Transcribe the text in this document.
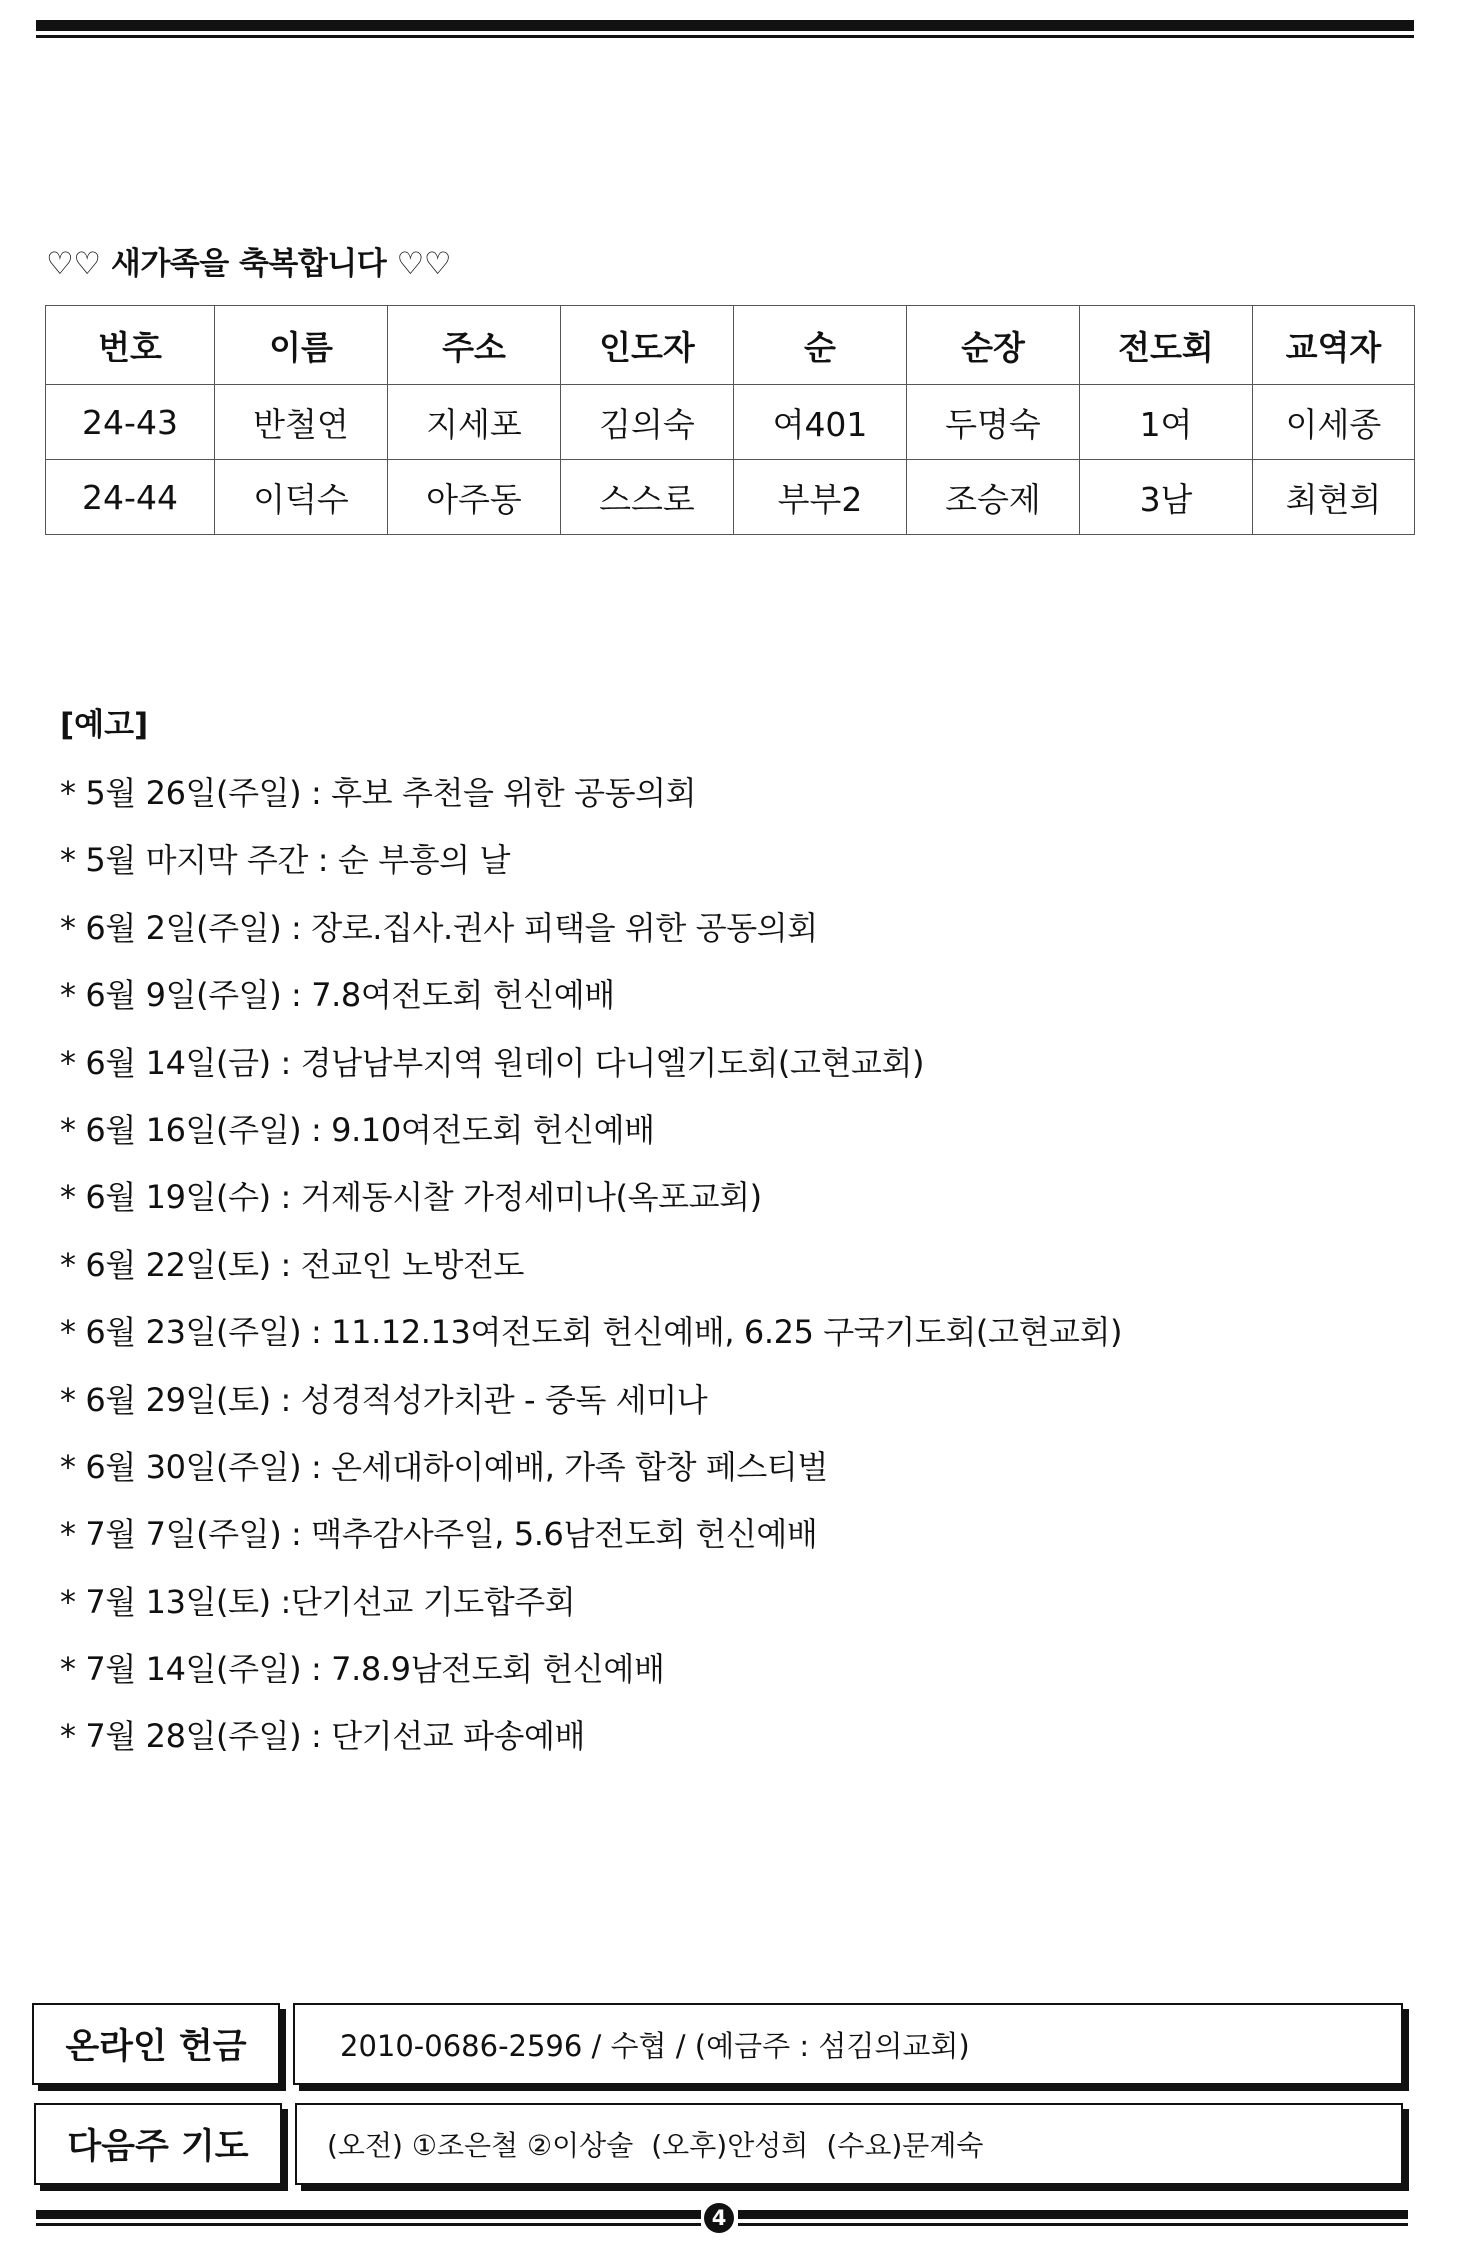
♡♡ 새가족을 축복합니다 ♡♡
번호	이름	주소	인도자	순	순장	전도회	교역자
24-43	반철연	지세포	김의숙	여401	두명숙	1여	이세종
24-44	이덕수	아주동	스스로	부부2	조승제	3남	최현희
[예고]
* 5월 26일(주일) : 후보 추천을 위한 공동의회
* 5월 마지막 주간 : 순 부흥의 날
* 6월 2일(주일) : 장로.집사.권사 피택을 위한 공동의회
* 6월 9일(주일) : 7.8여전도회 헌신예배
* 6월 14일(금) : 경남남부지역 원데이 다니엘기도회(고현교회)
* 6월 16일(주일) : 9.10여전도회 헌신예배
* 6월 19일(수) : 거제동시찰 가정세미나(옥포교회)
* 6월 22일(토) : 전교인 노방전도
* 6월 23일(주일) : 11.12.13여전도회 헌신예배, 6.25 구국기도회(고현교회)
* 6월 29일(토) : 성경적성가치관 - 중독 세미나
* 6월 30일(주일) : 온세대하이예배, 가족 합창 페스티벌
* 7월 7일(주일) : 맥추감사주일, 5.6남전도회 헌신예배
* 7월 13일(토) :단기선교 기도합주회
* 7월 14일(주일) : 7.8.9남전도회 헌신예배
* 7월 28일(주일) : 단기선교 파송예배
온라인 헌금	2010-0686-2596 / 수협 / (예금주 : 섬김의교회)
다음주 기도	(오전) ①조은철 ②이상술 (오후)안성희 (수요)문계숙
4
